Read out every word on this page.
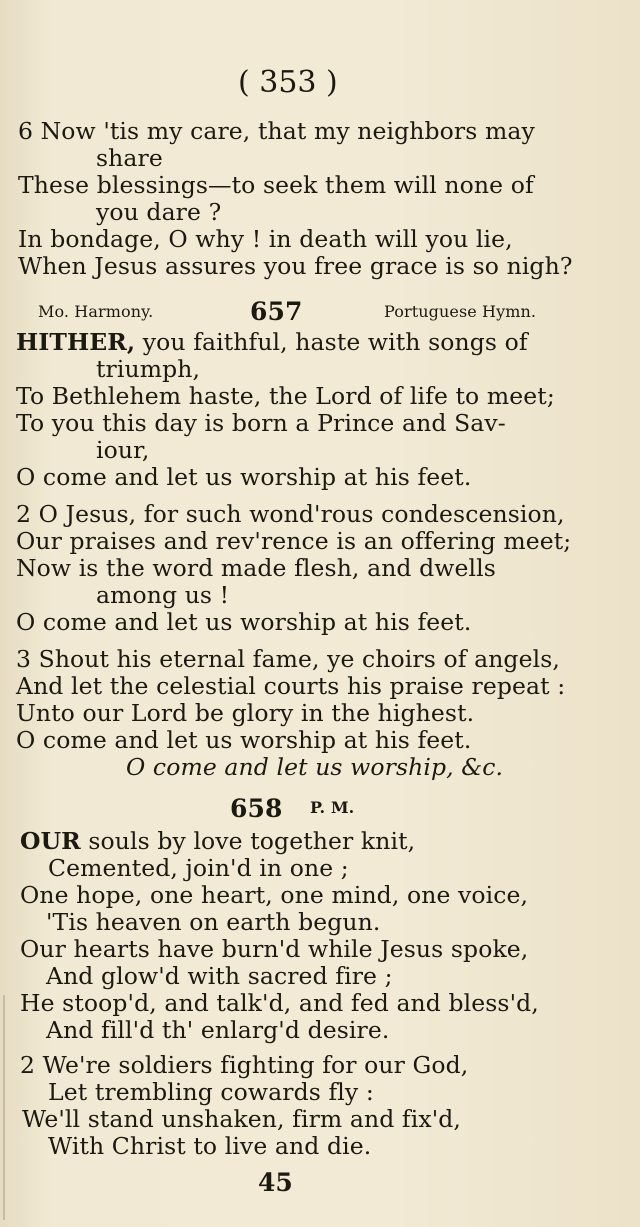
( 353 )
6 Now 'tis my care, that my neighbors may
share
These blessings—to seek them will none of
you dare ?
In bondage, O why ! in death will you lie,
When Jesus assures you free grace is so nigh?
Mo. Harmony.	657	Portuguese Hymn.
HITHER, you faithful, haste with songs of
triumph,
To Bethlehem haste, the Lord of life to meet;
To you this day is born a Prince and Sav-
iour,
O come and let us worship at his feet.
2 O Jesus, for such wond'rous condescension,
Our praises and rev'rence is an offering meet;
Now is the word made flesh, and dwells
among us !
O come and let us worship at his feet.
3 Shout his eternal fame, ye choirs of angels,
And let the celestial courts his praise repeat :
Unto our Lord be glory in the highest.
O come and let us worship at his feet.
O come and let us worship, &c.
658 P. M.
OUR souls by love together knit,
Cemented, join'd in one ;
One hope, one heart, one mind, one voice,
'Tis heaven on earth begun.
Our hearts have burn'd while Jesus spoke,
And glow'd with sacred fire ;
He stoop'd, and talk'd, and fed and bless'd,
And fill'd th' enlarg'd desire.
2 We're soldiers fighting for our God,
Let trembling cowards fly :
We'll stand unshaken, firm and fix'd,
With Christ to live and die.
45
